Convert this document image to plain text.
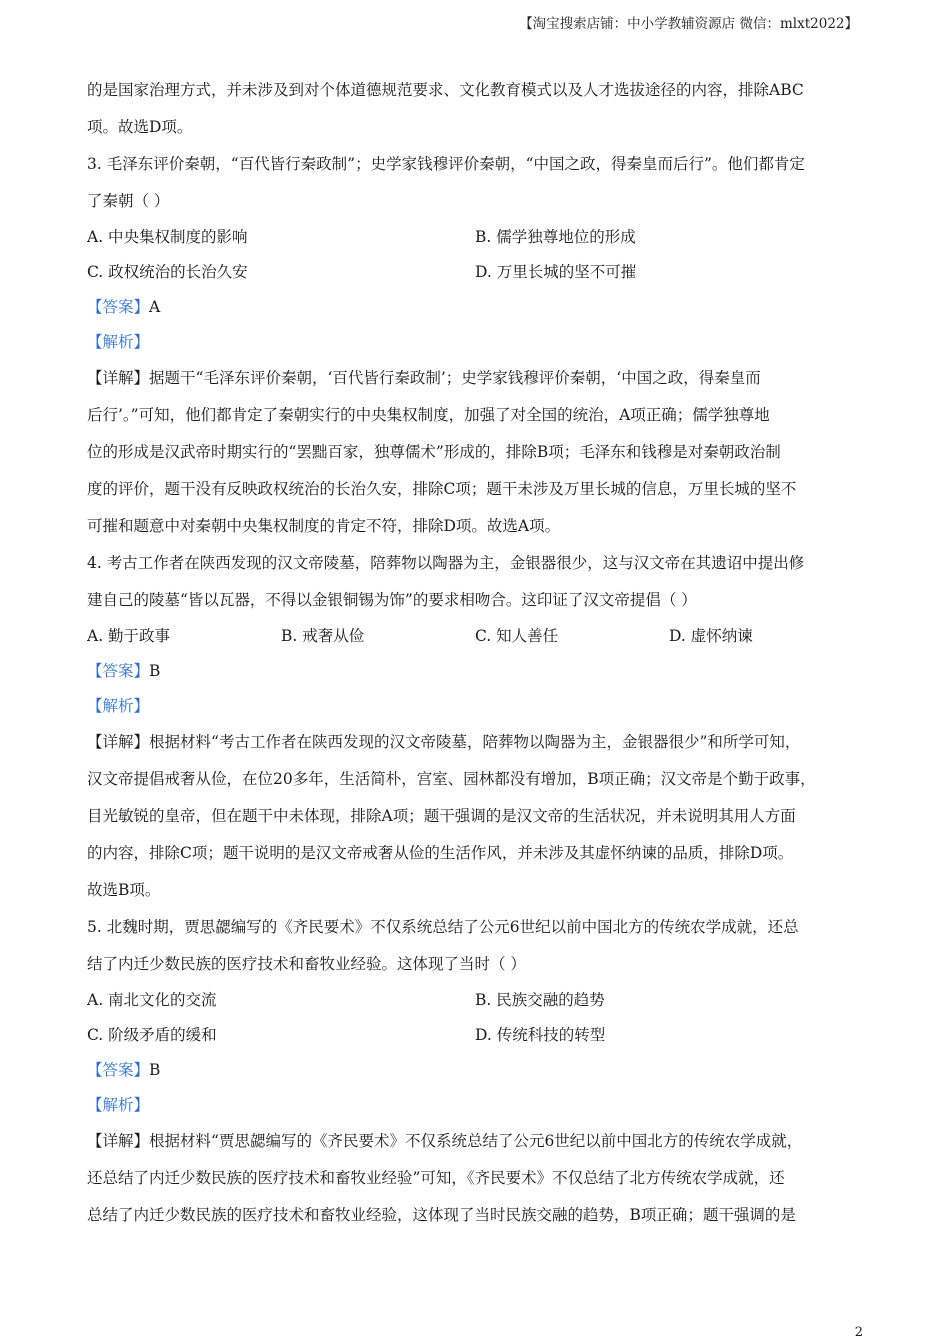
【淘宝搜索店铺：中小学教辅资源店 微信：mlxt2022】
的是国家治理方式，并未涉及到对个体道德规范要求、文化教育模式以及人才选拔途径的内容，排除ABC
项。故选D项。
3. 毛泽东评价秦朝，“百代皆行秦政制”；史学家钱穆评价秦朝，“中国之政，得秦皇而后行”。他们都肯定
了秦朝（ ）
A. 中央集权制度的影响	B. 儒学独尊地位的形成
C. 政权统治的长治久安	D. 万里长城的坚不可摧
【答案】A
【解析】
【详解】据题干“毛泽东评价秦朝，‘百代皆行秦政制’；史学家钱穆评价秦朝，‘中国之政，得秦皇而
后行’。”可知，他们都肯定了秦朝实行的中央集权制度，加强了对全国的统治，A项正确；儒学独尊地
位的形成是汉武帝时期实行的“罢黜百家，独尊儒术”形成的，排除B项；毛泽东和钱穆是对秦朝政治制
度的评价，题干没有反映政权统治的长治久安，排除C项；题干未涉及万里长城的信息，万里长城的坚不
可摧和题意中对秦朝中央集权制度的肯定不符，排除D项。故选A项。
4. 考古工作者在陕西发现的汉文帝陵墓，陪葬物以陶器为主，金银器很少，这与汉文帝在其遗诏中提出修
建自己的陵墓“皆以瓦器，不得以金银铜锡为饰”的要求相吻合。这印证了汉文帝提倡（ ）
A. 勤于政事	B. 戒奢从俭	C. 知人善任	D. 虚怀纳谏
【答案】B
【解析】
【详解】根据材料“考古工作者在陕西发现的汉文帝陵墓，陪葬物以陶器为主，金银器很少”和所学可知，
汉文帝提倡戒奢从俭，在位20多年，生活简朴，宫室、园林都没有增加，B项正确；汉文帝是个勤于政事，
目光敏锐的皇帝，但在题干中未体现，排除A项；题干强调的是汉文帝的生活状况，并未说明其用人方面
的内容，排除C项；题干说明的是汉文帝戒奢从俭的生活作风，并未涉及其虚怀纳谏的品质，排除D项。
故选B项。
5. 北魏时期，贾思勰编写的《齐民要术》不仅系统总结了公元6世纪以前中国北方的传统农学成就，还总
结了内迁少数民族的医疗技术和畜牧业经验。这体现了当时（ ）
A. 南北文化的交流	B. 民族交融的趋势
C. 阶级矛盾的缓和	D. 传统科技的转型
【答案】B
【解析】
【详解】根据材料“贾思勰编写的《齐民要术》不仅系统总结了公元6世纪以前中国北方的传统农学成就，
还总结了内迁少数民族的医疗技术和畜牧业经验”可知，《齐民要术》不仅总结了北方传统农学成就，还
总结了内迁少数民族的医疗技术和畜牧业经验，这体现了当时民族交融的趋势，B项正确；题干强调的是
2
